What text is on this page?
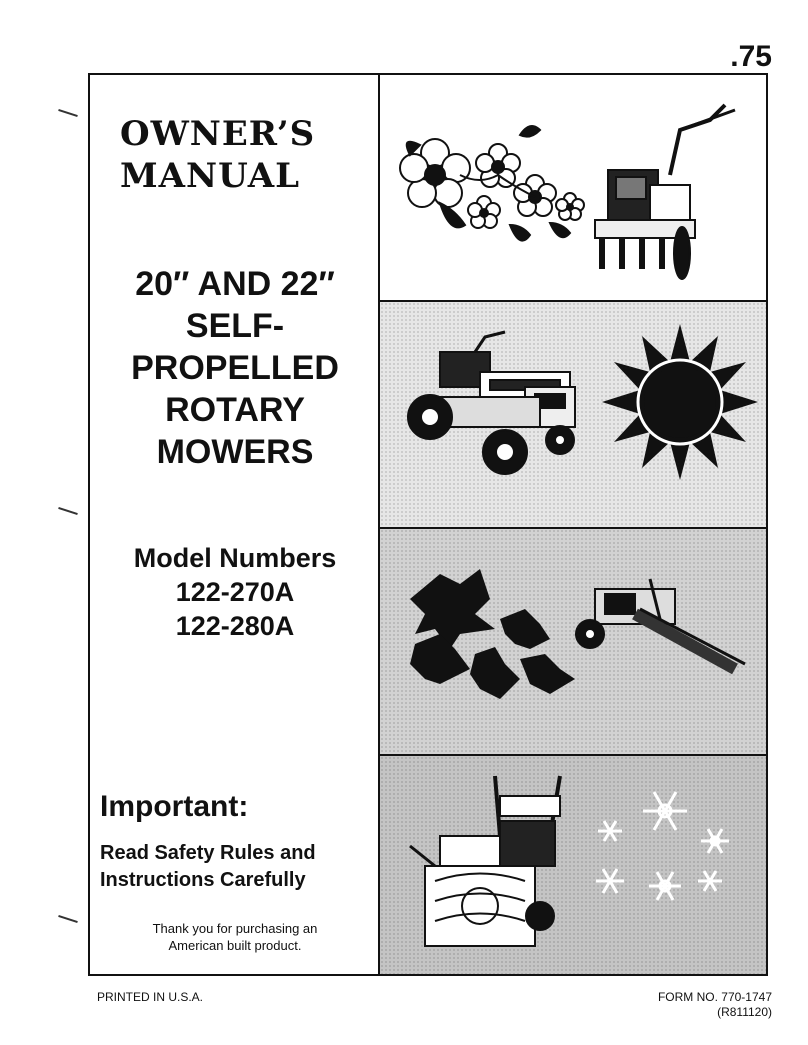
.75
OWNER’S
MANUAL
20″ AND 22″
SELF-
PROPELLED
ROTARY
MOWERS
Model Numbers
122-270A
122-280A
Important:
Read Safety Rules and
Instructions Carefully
Thank you for purchasing an
American built product.
PRINTED IN U.S.A.	FORM NO. 770-1747
(R811120)
